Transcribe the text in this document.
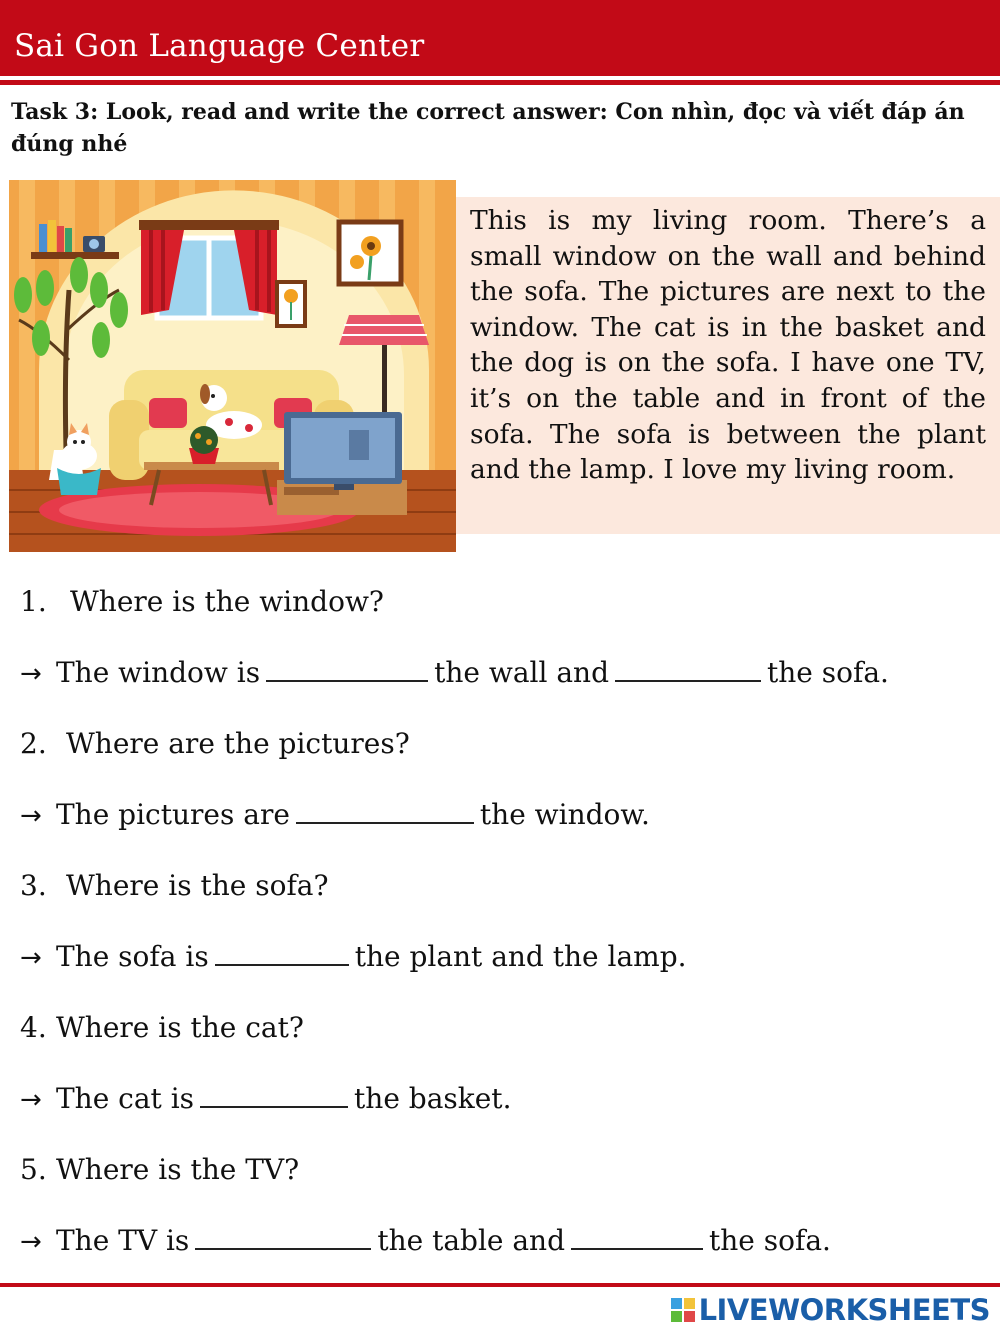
Sai Gon Language Center
Task 3: Look, read and write the correct answer: Con nhìn, đọc và viết đáp án đúng nhé

This is my living room. There’s a small window on the wall and behind the sofa. The pictures are next to the window. The cat is in the basket and the dog is on the sofa. I have one TV, it’s on the table and in front of the sofa. The sofa is between the plant and the lamp. I love my living room.

1. Where is the window?
→ The window is	the wall and	the sofa.
2. Where are the pictures?
→ The pictures are	the window.
3. Where is the sofa?
→ The sofa is	the plant and the lamp.
4. Where is the cat?
→ The cat is	the basket.
5. Where is the TV?
→ The TV is	the table and	the sofa.
LIVEWORKSHEETS
